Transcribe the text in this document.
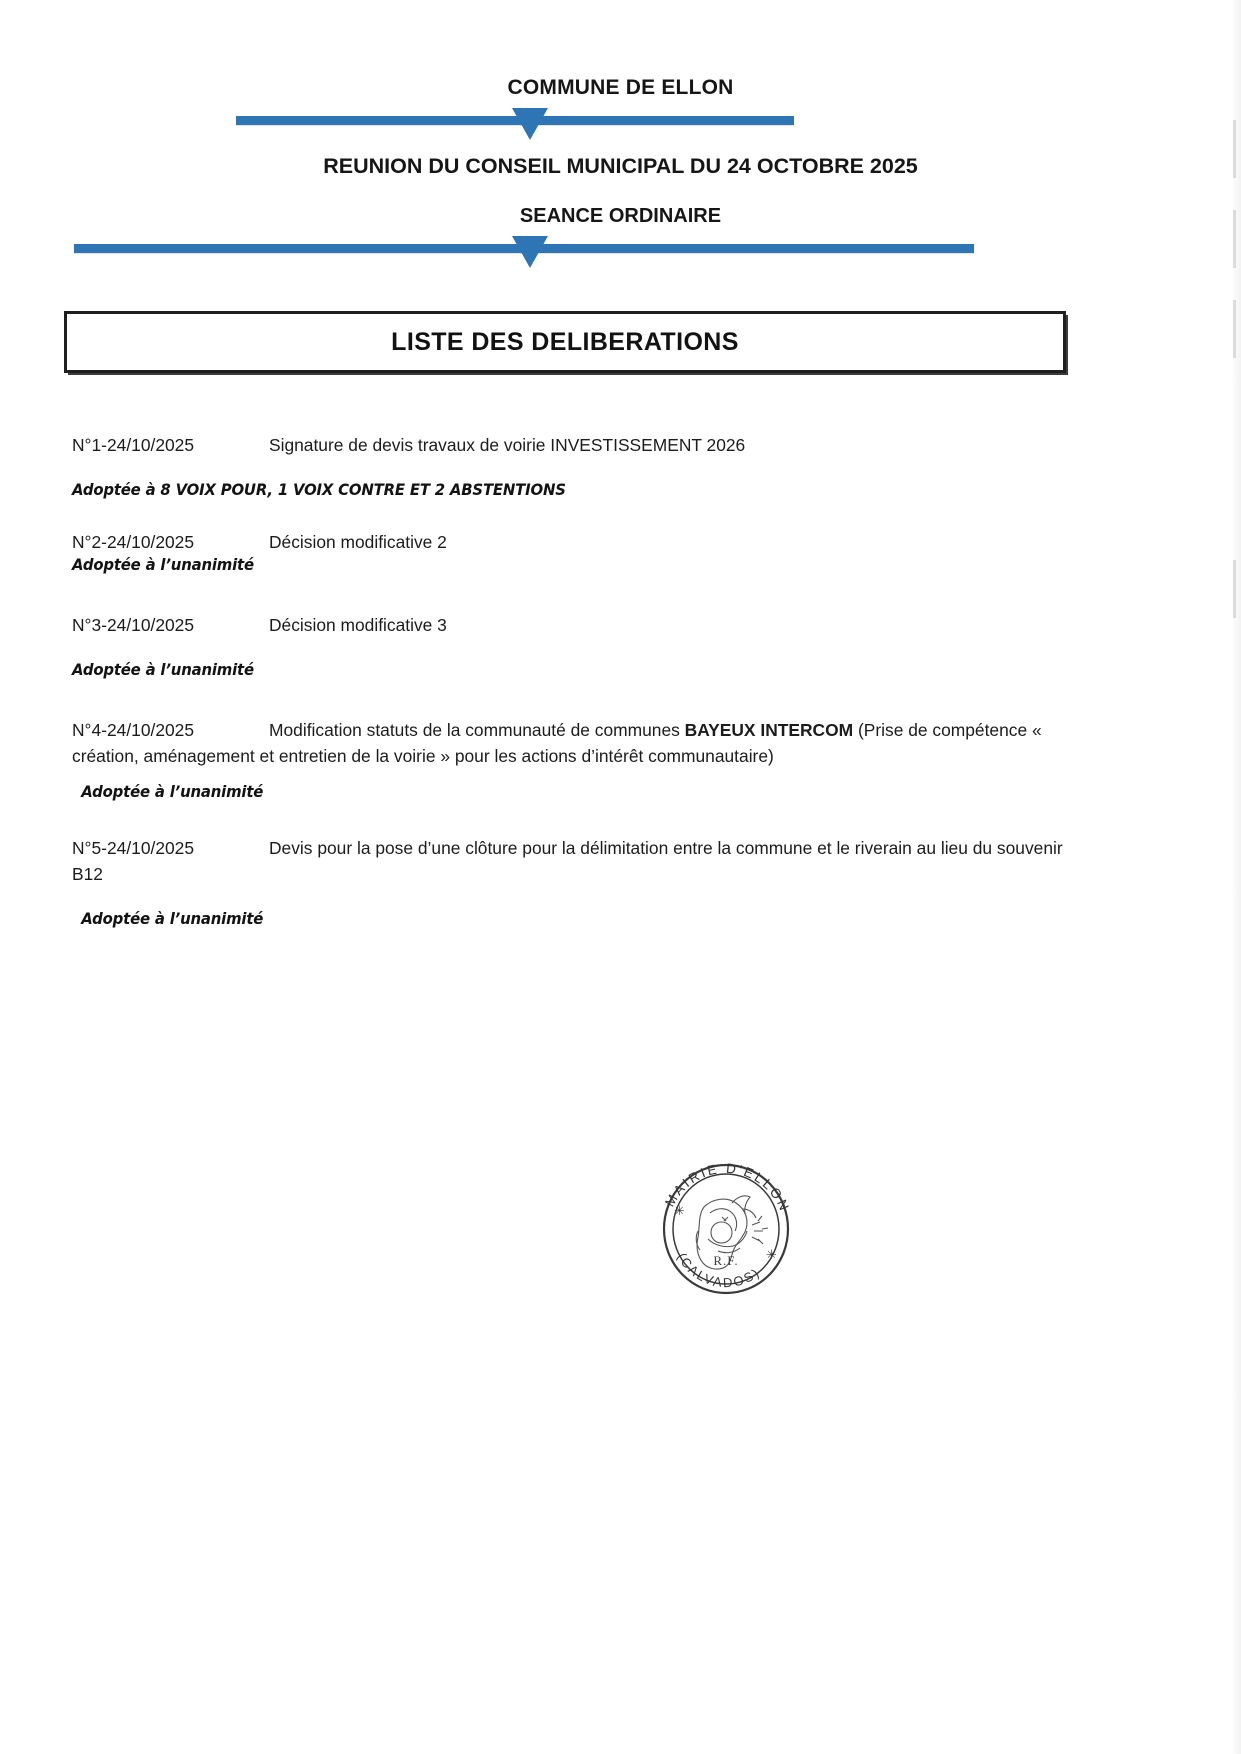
COMMUNE DE ELLON
REUNION DU CONSEIL MUNICIPAL DU 24 OCTOBRE 2025
SEANCE ORDINAIRE
LISTE DES DELIBERATIONS
N°1-24/10/2025	Signature de devis travaux de voirie INVESTISSEMENT 2026
Adoptée à 8 VOIX POUR, 1 VOIX CONTRE ET 2 ABSTENTIONS
N°2-24/10/2025	Décision modificative 2
Adoptée à l’unanimité
N°3-24/10/2025	Décision modificative 3
Adoptée à l’unanimité
N°4-24/10/2025	Modification statuts de la communauté de communes BAYEUX INTERCOM (Prise de compétence « création, aménagement et entretien de la voirie » pour les actions d’intérêt communautaire)
Adoptée à l’unanimité
N°5-24/10/2025	Devis pour la pose d’une clôture pour la délimitation entre la commune et le riverain au lieu du souvenir B12
Adoptée à l’unanimité
✳
✳
MAIRIE D'ELLON
(CALVADOS)
R.F.
